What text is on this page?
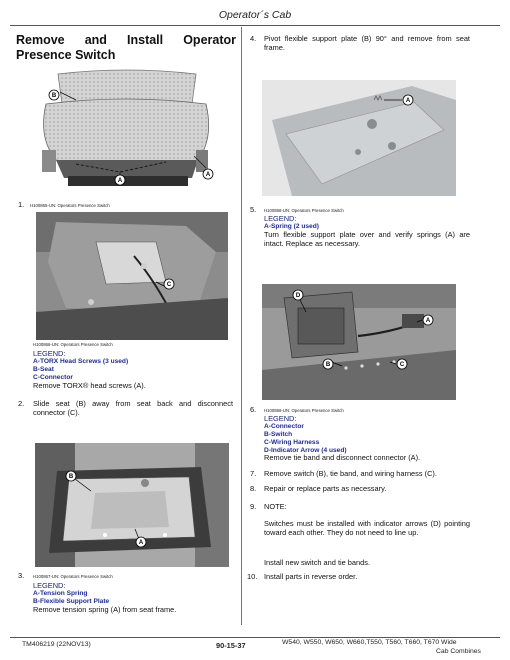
Operator´s Cab
Remove and Install Operator Presence Switch
B
A
A
1. H100865-UN: Operators Presence Switch
C
H100866-UN: Operators Presence Switch
LEGEND:
A-TORX Head Screws (3 used)
B-Seat
C-Connector
Remove TORX® head screws (A).
2. Slide seat (B) away from seat back and disconnect connector (C).
B
A
3. H100867-UN: Operators Presence Switch
LEGEND:
A-Tension Spring
B-Flexible Support Plate
Remove tension spring (A) from seat frame.
4. Pivot flexible support plate (B) 90° and remove from seat frame.
A
5. H100868-UN: Operators Presence Switch
LEGEND:
A-Spring (2 used)
Turn flexible support plate over and verify springs (A) are intact. Replace as necessary.
D
A
B	C
6. H100869-UN: Operators Presence Switch
LEGEND:
A-Connector
B-Switch
C-Wiring Harness
D-Indicator Arrow (4 used)
Remove tie band and disconnect connector (A).
7. Remove switch (B), tie band, and wiring harness (C).
8. Repair or replace parts as necessary.
9. NOTE:
Switches must be installed with indicator arrows (D) pointing toward each other. They do not need to line up.
Install new switch and tie bands.
10. Install parts in reverse order.
TM406219 (22NOV13)	90-15-37	W540, W550, W650, W660,T550, T560, T660, T670 Wide
Cab Combines
